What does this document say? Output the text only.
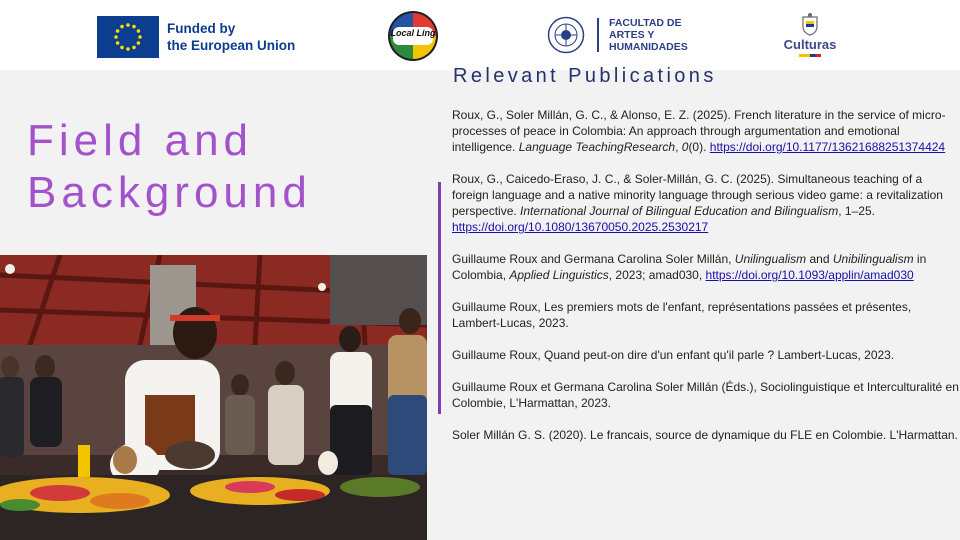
Funded by
the European Union
Local Ling
FACULTAD DE
ARTES Y
HUMANIDADES	Culturas
Field and
Background
Relevant Publications
Roux, G., Soler Millán, G. C., & Alonso, E. Z. (2025). French literature in the service of micro-processes of peace in Colombia: An approach through argumentation and emotional intelligence. Language TeachingResearch, 0(0). https://doi.org/10.1177/13621688251374424
Roux, G., Caicedo-Eraso, J. C., & Soler-Millán, G. C. (2025). Simultaneous teaching of a foreign language and a native minority language through serious video game: a revitalization perspective. International Journal of Bilingual Education and Bilingualism, 1–25. https://doi.org/10.1080/13670050.2025.2530217
Guillaume Roux and Germana Carolina Soler Millán, Unilingualism and Unibilingualism in Colombia, Applied Linguistics, 2023; amad030, https://doi.org/10.1093/applin/amad030
Guillaume Roux, Les premiers mots de l'enfant, représentations passées et présentes, Lambert-Lucas, 2023.
Guillaume Roux, Quand peut-on dire d'un enfant qu'il parle ? Lambert-Lucas, 2023.
Guillaume Roux et Germana Carolina Soler Millán (Éds.), Sociolinguistique et Interculturalité en Colombie, L'Harmattan, 2023.
Soler Millán G. S. (2020). Le francais, source de dynamique du FLE en Colombie. L'Harmattan.
